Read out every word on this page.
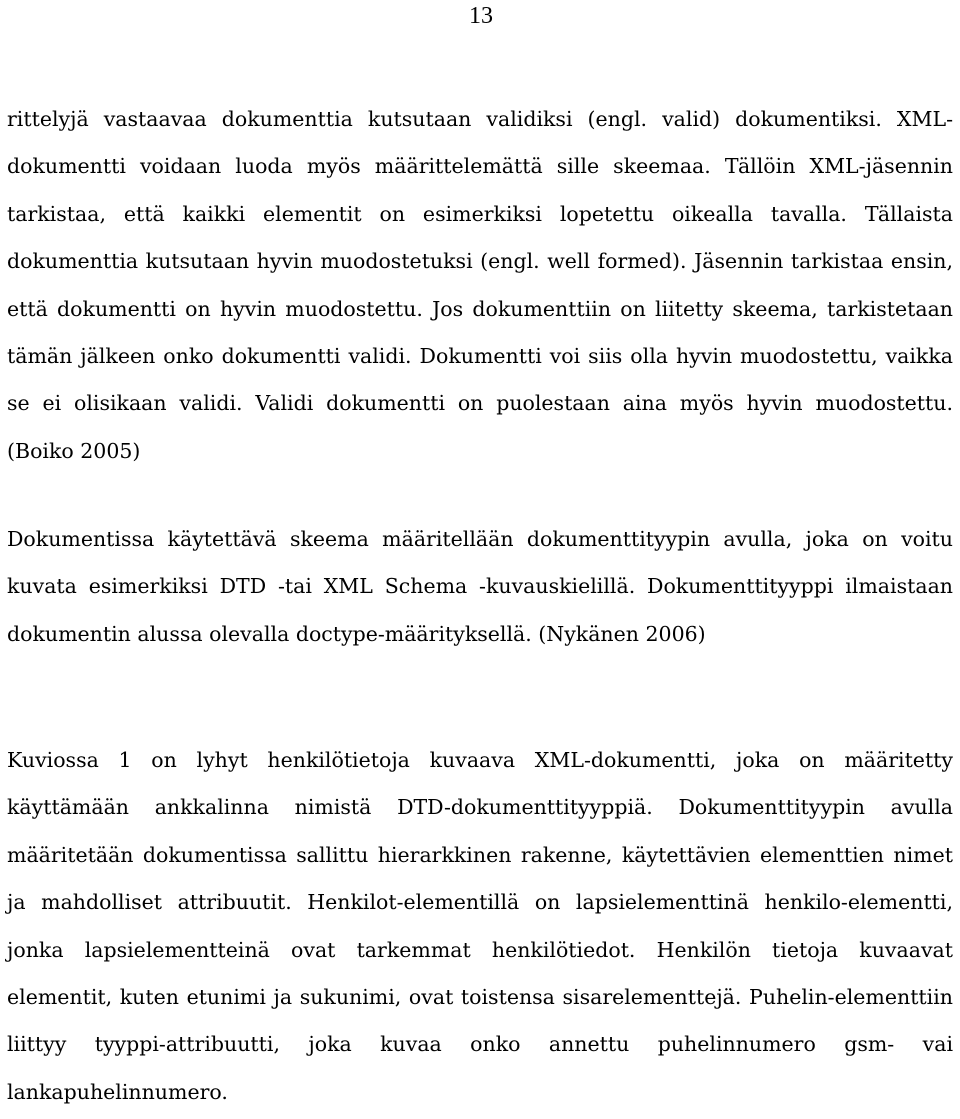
13

rittelyjä vastaavaa dokumenttia kutsutaan validiksi (engl. valid) dokumentiksi. XML-dokumentti voidaan luoda myös määrittelemättä sille skeemaa. Tällöin XML-jäsennin tarkistaa, että kaikki elementit on esimerkiksi lopetettu oikealla tavalla. Tällaista dokumenttia kutsutaan hyvin muodostetuksi (engl. well formed). Jäsennin tarkistaa ensin, että dokumentti on hyvin muodostettu. Jos dokumenttiin on liitetty skeema, tarkistetaan tämän jälkeen onko dokumentti validi. Dokumentti voi siis olla hyvin muodostettu, vaikka se ei olisikaan validi. Validi dokumentti on puolestaan aina myös hyvin muodostettu. (Boiko 2005)

Dokumentissa käytettävä skeema määritellään dokumenttityypin avulla, joka on voitu kuvata esimerkiksi DTD -tai XML Schema -kuvauskielillä. Dokumenttityyppi ilmaistaan dokumentin alussa olevalla doctype-määrityksellä. (Nykänen 2006)

Kuviossa 1 on lyhyt henkilötietoja kuvaava XML-dokumentti, joka on määritetty käyttämään ankkalinna nimistä DTD-dokumenttityyppiä. Dokumenttityypin avulla määritetään dokumentissa sallittu hierarkkinen rakenne, käytettävien elementtien nimet ja mahdolliset attribuutit. Henkilot-elementillä on lapsielementtinä henkilo-elementti, jonka lapsielementteinä ovat tarkemmat henkilötiedot. Henkilön tietoja kuvaavat elementit, kuten etunimi ja sukunimi, ovat toistensa sisarelementtejä. Puhelin-elementtiin liittyy tyyppi-attribuutti, joka kuvaa onko annettu puhelinnumero gsm- vai lankapuhelinnumero.
